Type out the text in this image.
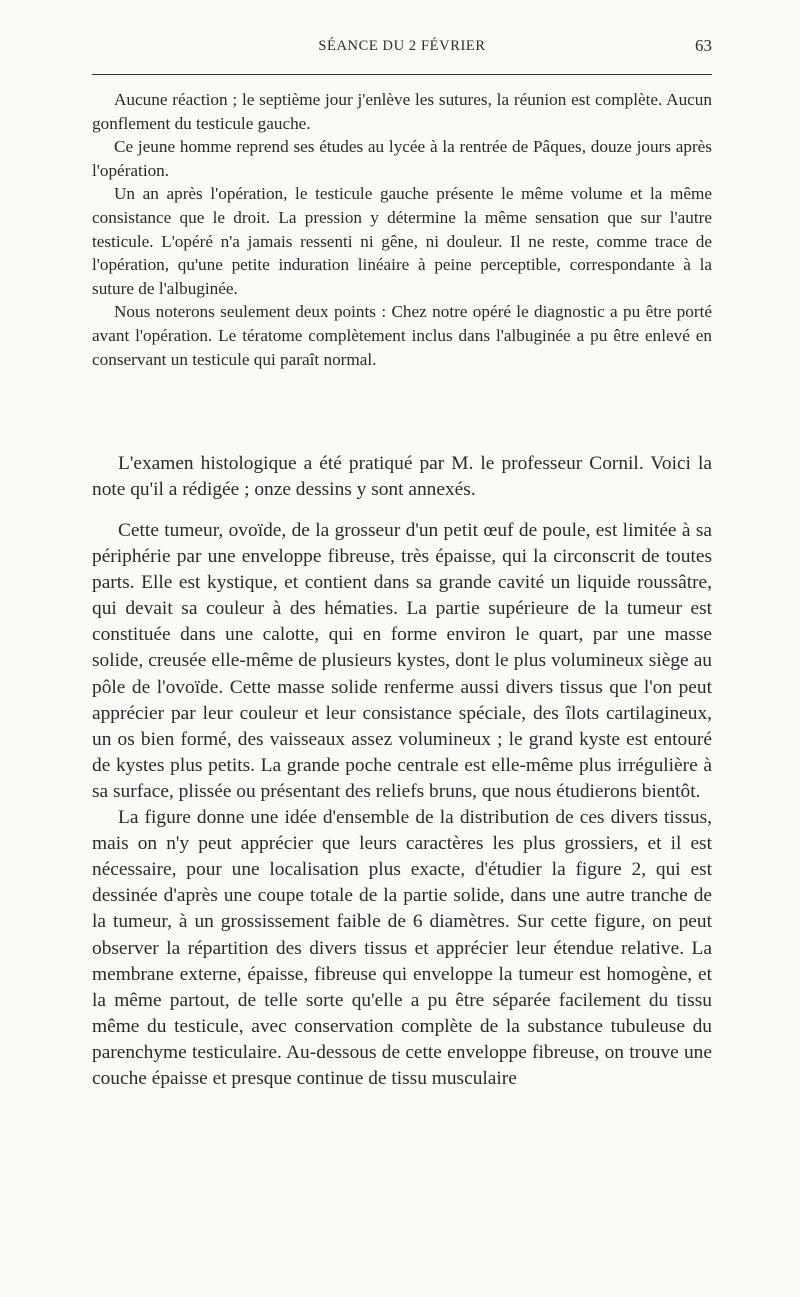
SÉANCE DU 2 FÉVRIER	63

Aucune réaction ; le septième jour j'enlève les sutures, la réunion est complète. Aucun gonflement du testicule gauche.

Ce jeune homme reprend ses études au lycée à la rentrée de Pâques, douze jours après l'opération.

Un an après l'opération, le testicule gauche présente le même volume et la même consistance que le droit. La pression y détermine la même sensation que sur l'autre testicule. L'opéré n'a jamais ressenti ni gêne, ni douleur. Il ne reste, comme trace de l'opération, qu'une petite induration linéaire à peine perceptible, correspondante à la suture de l'albuginée.

Nous noterons seulement deux points : Chez notre opéré le diagnostic a pu être porté avant l'opération. Le tératome complètement inclus dans l'albuginée a pu être enlevé en conservant un testicule qui paraît normal.

L'examen histologique a été pratiqué par M. le professeur Cornil. Voici la note qu'il a rédigée ; onze dessins y sont annexés.

Cette tumeur, ovoïde, de la grosseur d'un petit œuf de poule, est limitée à sa périphérie par une enveloppe fibreuse, très épaisse, qui la circonscrit de toutes parts. Elle est kystique, et contient dans sa grande cavité un liquide roussâtre, qui devait sa couleur à des hématies. La partie supérieure de la tumeur est constituée dans une calotte, qui en forme environ le quart, par une masse solide, creusée elle-même de plusieurs kystes, dont le plus volumineux siège au pôle de l'ovoïde. Cette masse solide renferme aussi divers tissus que l'on peut apprécier par leur couleur et leur consistance spéciale, des îlots cartilagineux, un os bien formé, des vaisseaux assez volumineux ; le grand kyste est entouré de kystes plus petits. La grande poche centrale est elle-même plus irrégulière à sa surface, plissée ou présentant des reliefs bruns, que nous étudierons bientôt.

La figure donne une idée d'ensemble de la distribution de ces divers tissus, mais on n'y peut apprécier que leurs caractères les plus grossiers, et il est nécessaire, pour une localisation plus exacte, d'étudier la figure 2, qui est dessinée d'après une coupe totale de la partie solide, dans une autre tranche de la tumeur, à un grossissement faible de 6 diamètres. Sur cette figure, on peut observer la répartition des divers tissus et apprécier leur étendue relative. La membrane externe, épaisse, fibreuse qui enveloppe la tumeur est homogène, et la même partout, de telle sorte qu'elle a pu être séparée facilement du tissu même du testicule, avec conservation complète de la substance tubuleuse du parenchyme testiculaire. Au-dessous de cette enveloppe fibreuse, on trouve une couche épaisse et presque continue de tissu musculaire
